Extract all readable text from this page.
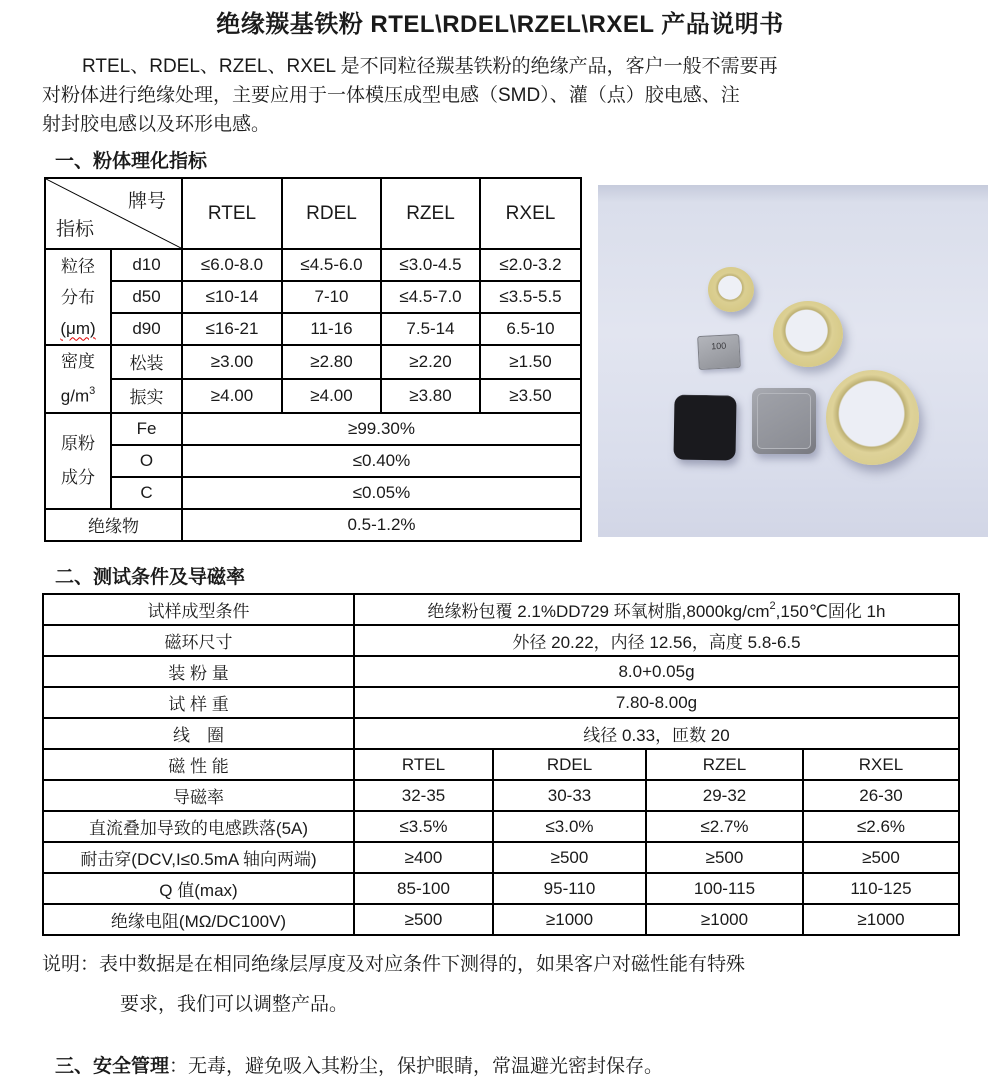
绝缘羰基铁粉 RTEL\RDEL\RZEL\RXEL 产品说明书
RTEL、RDEL、RZEL、RXEL 是不同粒径羰基铁粉的绝缘产品，客户一般不需要再
对粉体进行绝缘处理，主要应用于一体模压成型电感（SMD）、灌（点）胶电感、注
射封胶电感以及环形电感。
一、粉体理化指标
牌号
指标		RTEL	RDEL	RZEL	RXEL

粒径
分布
(μm)	d10	≤6.0-8.0	≤4.5-6.0	≤3.0-4.5	≤2.0-3.2
	d50	≤10-14	7-10	≤4.5-7.0	≤3.5-5.5
	d90	≤16-21	11-16	7.5-14	6.5-10

密度
$g/m^3$	松装	≥3.00	≥2.80	≥2.20	≥1.50
	振实	≥4.00	≥4.00	≥3.80	≥3.50

原粉
成分	Fe	≥99.30%			
	O	≤0.40%			
	C	≤0.05%			
绝缘物		0.5-1.2%			
100
二、测试条件及导磁率
试样成型条件	绝缘粉包覆 2.1%DD729 环氧树脂$,8000kg/cm^2,150℃$固化 1h			
磁环尺寸	外径 20.22，内径 12.56，高度 5.8-6.5			
装 粉 量	8.0+0.05g			
试 样 重	7.80-8.00g			
线　圈	线径 0.33，匝数 20			
磁 性 能	RTEL	RDEL	RZEL	RXEL
导磁率	32-35	30-33	29-32	26-30
直流叠加导致的电感跌落(5A)	≤3.5%	≤3.0%	≤2.7%	≤2.6%
耐击穿(DCV,I≤0.5mA 轴向两端)	≥400	≥500	≥500	≥500
Q 值(max)	85-100	95-110	100-115	110-125
绝缘电阻(MΩ/DC100V)	≥500	≥1000	≥1000	≥1000
说明：表中数据是在相同绝缘层厚度及对应条件下测得的，如果客户对磁性能有特殊
要求，我们可以调整产品。
三、安全管理：无毒，避免吸入其粉尘，保护眼睛，常温避光密封保存。
